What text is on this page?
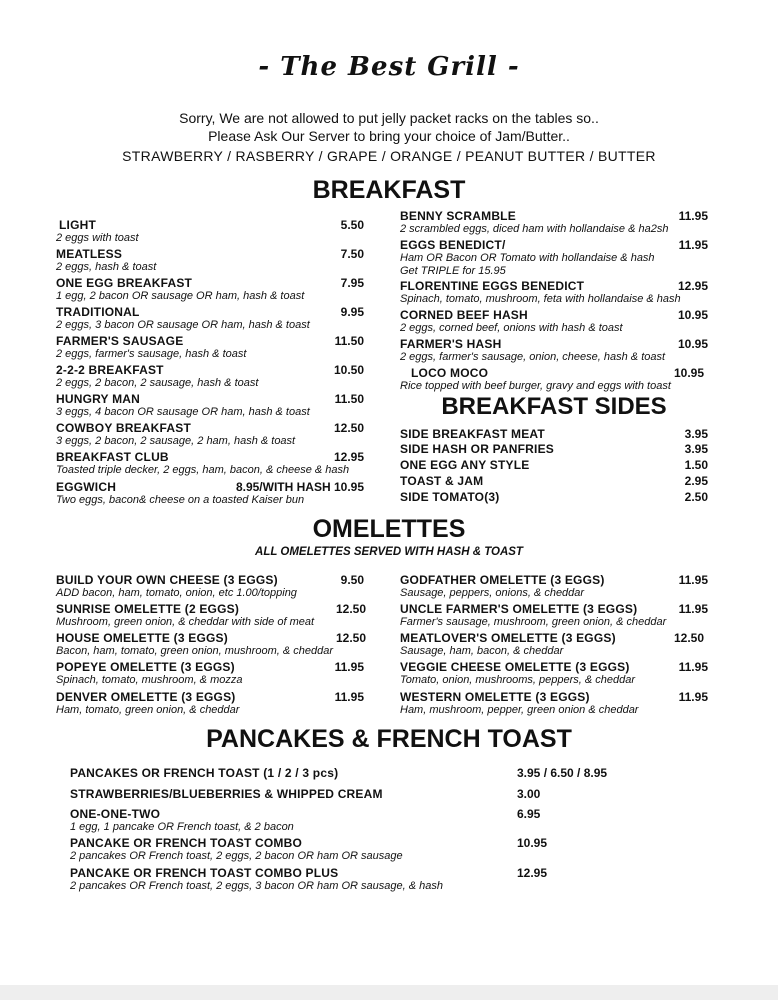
- The Best Grill -
Sorry, We are not allowed to put jelly packet racks on the tables so..
Please Ask Our Server to bring your choice of Jam/Butter..
STRAWBERRY / RASBERRY / GRAPE / ORANGE / PEANUT BUTTER / BUTTER
BREAKFAST
LIGHT	5.50
2 eggs with toast
MEATLESS	7.50
2 eggs, hash & toast
ONE EGG BREAKFAST	7.95
1 egg, 2 bacon OR sausage OR ham, hash & toast
TRADITIONAL	9.95
2 eggs, 3 bacon OR sausage OR ham, hash & toast
FARMER'S SAUSAGE	11.50
2 eggs, farmer's sausage, hash & toast
2-2-2 BREAKFAST	10.50
2 eggs, 2 bacon, 2 sausage, hash & toast
HUNGRY MAN	11.50
3 eggs, 4 bacon OR sausage OR ham, hash & toast
COWBOY BREAKFAST	12.50
3 eggs, 2 bacon, 2 sausage, 2 ham, hash & toast
BREAKFAST CLUB	12.95
Toasted triple decker, 2 eggs, ham, bacon, & cheese & hash
EGGWICH	8.95/WITH HASH 10.95
Two eggs, bacon& cheese on a toasted Kaiser bun
BENNY SCRAMBLE	11.95
2 scrambled eggs, diced ham with hollandaise & ha2sh
EGGS BENEDICT/	11.95
Ham OR Bacon OR Tomato with hollandaise & hash
Get TRIPLE for 15.95
FLORENTINE EGGS BENEDICT	12.95
Spinach, tomato, mushroom, feta with hollandaise & hash
CORNED BEEF HASH	10.95
2 eggs, corned beef, onions with hash & toast
FARMER'S HASH	10.95
2 eggs, farmer's sausage, onion, cheese, hash & toast
LOCO MOCO	10.95
Rice topped with beef burger, gravy and eggs with toast
BREAKFAST SIDES
SIDE BREAKFAST MEAT	3.95
SIDE HASH OR PANFRIES	3.95
ONE EGG ANY STYLE	1.50
TOAST & JAM	2.95
SIDE TOMATO(3)	2.50
OMELETTES
ALL OMELETTES SERVED WITH HASH & TOAST
BUILD YOUR OWN CHEESE (3 EGGS)	9.50
ADD bacon, ham, tomato, onion, etc 1.00/topping
SUNRISE OMELETTE (2 EGGS)	12.50
Mushroom, green onion, & cheddar with side of meat
HOUSE OMELETTE (3 EGGS)	12.50
Bacon, ham, tomato, green onion, mushroom, & cheddar
POPEYE OMELETTE (3 EGGS)	11.95
Spinach, tomato, mushroom, & mozza
DENVER OMELETTE (3 EGGS)	11.95
Ham, tomato, green onion, & cheddar
GODFATHER OMELETTE (3 EGGS)	11.95
Sausage, peppers, onions, & cheddar
UNCLE FARMER'S OMELETTE (3 EGGS)	11.95
Farmer's sausage, mushroom, green onion, & cheddar
MEATLOVER'S OMELETTE (3 EGGS)	12.50
Sausage, ham, bacon, & cheddar
VEGGIE CHEESE OMELETTE (3 EGGS)	11.95
Tomato, onion, mushrooms, peppers, & cheddar
WESTERN OMELETTE (3 EGGS)	11.95
Ham, mushroom, pepper, green onion & cheddar
PANCAKES & FRENCH TOAST
PANCAKES OR FRENCH TOAST (1 / 2 / 3 pcs)	3.95 / 6.50 / 8.95
STRAWBERRIES/BLUEBERRIES & WHIPPED CREAM	3.00
ONE-ONE-TWO	6.95
1 egg, 1 pancake OR French toast, & 2 bacon
PANCAKE OR FRENCH TOAST COMBO	10.95
2 pancakes OR French toast, 2 eggs, 2 bacon OR ham OR sausage
PANCAKE OR FRENCH TOAST COMBO PLUS	12.95
2 pancakes OR French toast, 2 eggs, 3 bacon OR ham OR sausage, & hash
